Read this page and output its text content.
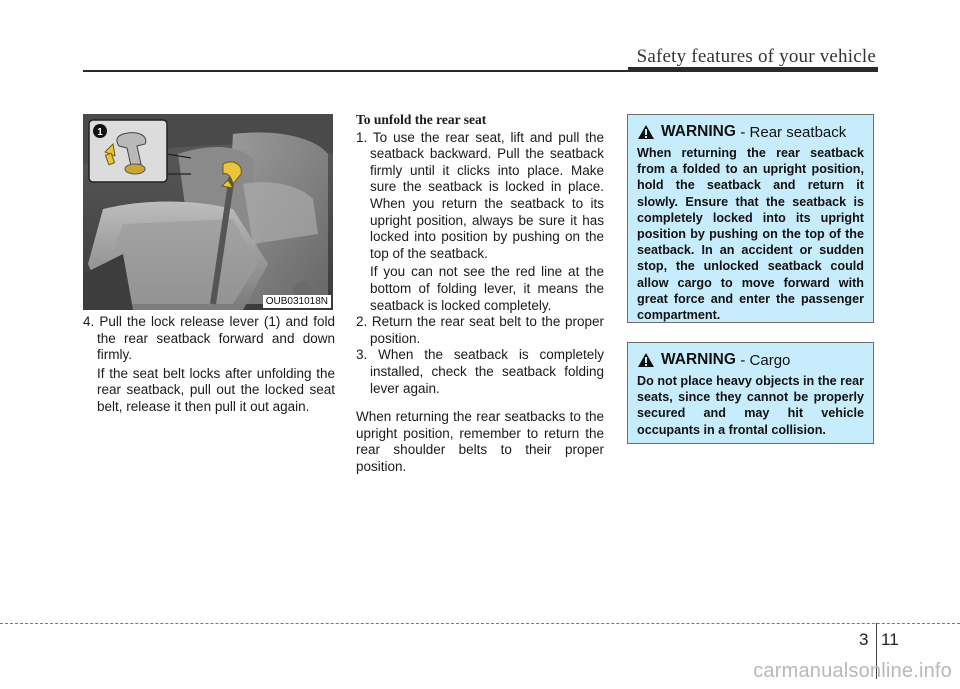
Safety features of your vehicle
1
OUB031018N

4. Pull the lock release lever (1) and fold the rear seatback forward and down firmly.

If the seat belt locks after unfolding the rear seatback, pull out the locked seat belt, release it then pull it out again.

To unfold the rear seat

1. To use the rear seat, lift and pull the seatback backward. Pull the seatback firmly until it clicks into place. Make sure the seatback is locked in place. When you return the seatback to its upright position, always be sure it has locked into position by pushing on the top of the seatback.

If you can not see the red line at the bottom of folding lever, it means the seatback is locked completely.

2. Return the rear seat belt to the proper position.

3. When the seatback is completely installed, check the seatback folding lever again.

When returning the rear seatbacks to the upright position, remember to return the rear shoulder belts to their proper position.

WARNING
- Rear seatback

When returning the rear seatback from a folded to an upright position, hold the seatback and return it slowly. Ensure that the seatback is completely locked into its upright position by pushing on the top of the seatback. In an accident or sudden stop, the unlocked seatback could allow cargo to move forward with great force and enter the passenger compartment.

WARNING
- Cargo

Do not place heavy objects in the rear seats, since they cannot be properly secured and may hit vehicle occupants in a frontal collision.

3 11
carmanualsonline.info
